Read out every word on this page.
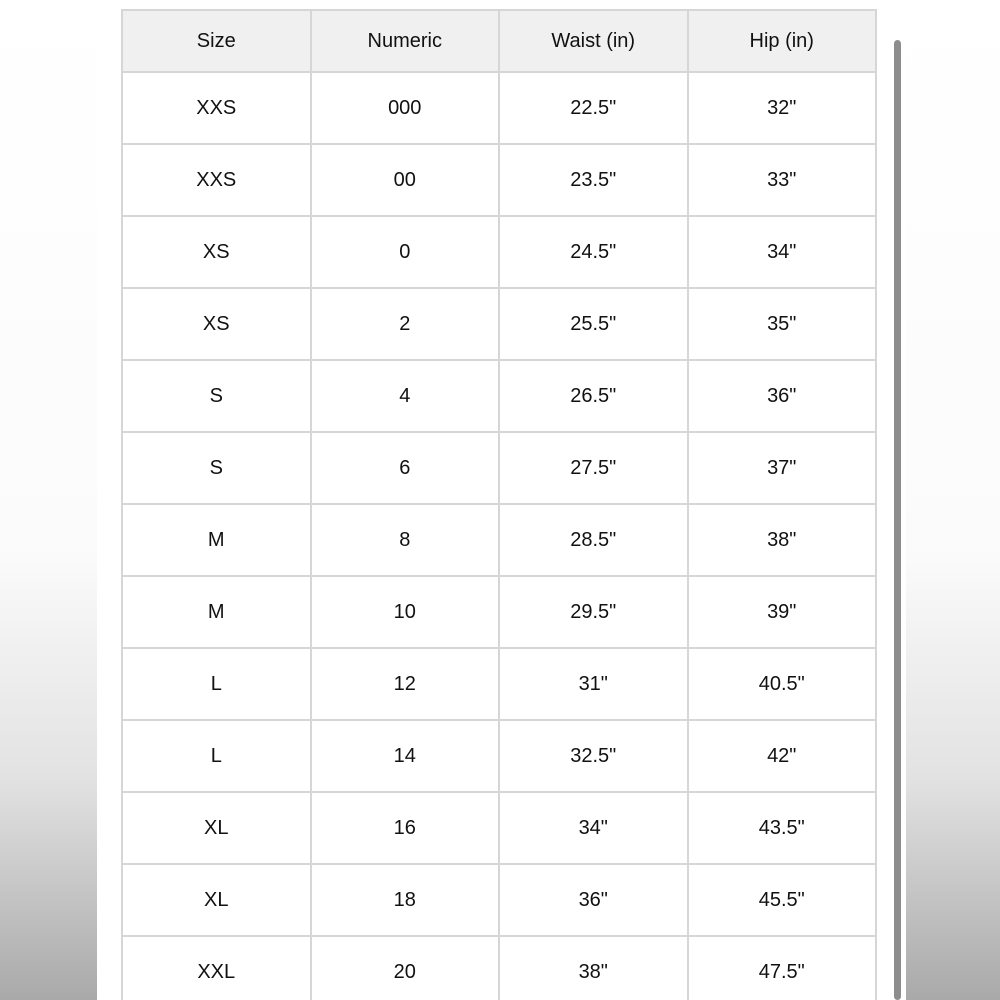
Size	Numeric	Waist (in)	Hip (in)
XXS	000	22.5"	32"
XXS	00	23.5"	33"
XS	0	24.5"	34"
XS	2	25.5"	35"
S	4	26.5"	36"
S	6	27.5"	37"
M	8	28.5"	38"
M	10	29.5"	39"
L	12	31"	40.5"
L	14	32.5"	42"
XL	16	34"	43.5"
XL	18	36"	45.5"
XXL	20	38"	47.5"
